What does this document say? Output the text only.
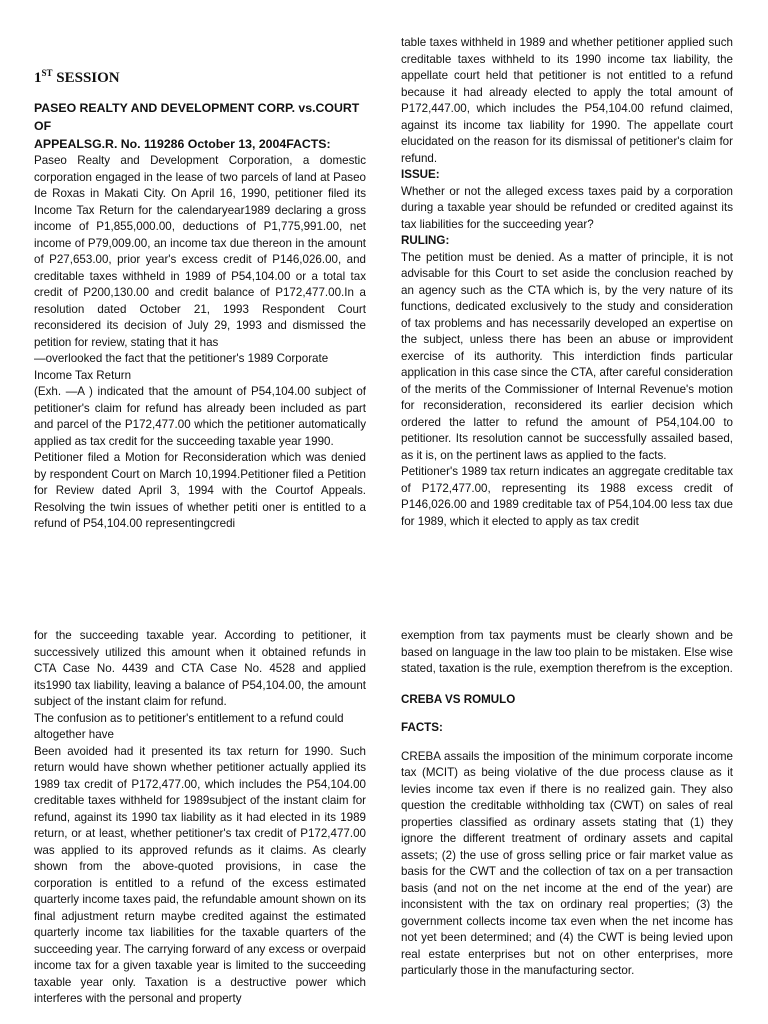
1ST SESSION

PASEO REALTY AND DEVELOPMENT CORP. vs.COURT OF

APPEALSG.R. No. 119286 October 13, 2004FACTS:

Paseo Realty and Development Corporation, a domestic corporation engaged in the lease of two parcels of land at Paseo de Roxas in Makati City. On April 16, 1990, petitioner filed its Income Tax Return for the calendaryear1989 declaring a gross income of P1,855,000.00, deductions of P1,775,991.00, net income of P79,009.00, an income tax due thereon in the amount of P27,653.00, prior year's excess credit of P146,026.00, and creditable taxes withheld in 1989 of P54,104.00 or a total tax credit of P200,130.00 and credit balance of P172,477.00.In a resolution dated October 21, 1993 Respondent Court reconsidered its decision of July 29, 1993 and dismissed the petition for review, stating that it has

—overlooked the fact that the petitioner's 1989 Corporate Income Tax Return

(Exh. —A ) indicated that the amount of P54,104.00 subject of petitioner's claim for refund has already been included as part and parcel of the P172,477.00 which the petitioner automatically applied as tax credit for the succeeding taxable year 1990.

Petitioner filed a Motion for Reconsideration which was denied by respondent Court on March 10,1994.Petitioner filed a Petition for Review dated April 3, 1994 with the Courtof Appeals. Resolving the twin issues of whether petiti oner is entitled to a refund of P54,104.00 representingcredi

table taxes withheld in 1989 and whether petitioner applied such creditable taxes withheld to its 1990 income tax liability, the appellate court held that petitioner is not entitled to a refund because it had already elected to apply the total amount of P172,447.00, which includes the P54,104.00 refund claimed, against its income tax liability for 1990. The appellate court elucidated on the reason for its dismissal of petitioner's claim for refund.

ISSUE:

Whether or not the alleged excess taxes paid by a corporation during a taxable year should be refunded or credited against its tax liabilities for the succeeding year?

RULING:

The petition must be denied. As a matter of principle, it is not advisable for this Court to set aside the conclusion reached by an agency such as the CTA which is, by the very nature of its functions, dedicated exclusively to the study and consideration of tax problems and has necessarily developed an expertise on the subject, unless there has been an abuse or improvident exercise of its authority. This interdiction finds particular application in this case since the CTA, after careful consideration of the merits of the Commissioner of Internal Revenue's motion for reconsideration, reconsidered its earlier decision which ordered the latter to refund the amount of P54,104.00 to petitioner. Its resolution cannot be successfully assailed based, as it is, on the pertinent laws as applied to the facts.

Petitioner's 1989 tax return indicates an aggregate creditable tax of P172,477.00, representing its 1988 excess credit of P146,026.00 and 1989 creditable tax of P54,104.00 less tax due for 1989, which it elected to apply as tax credit

for the succeeding taxable year. According to petitioner, it successively utilized this amount when it obtained refunds in CTA Case No. 4439 and CTA Case No. 4528 and applied its1990 tax liability, leaving a balance of P54,104.00, the amount subject of the instant claim for refund.

The confusion as to petitioner's entitlement to a refund could altogether have

Been avoided had it presented its tax return for 1990. Such return would have shown whether petitioner actually applied its 1989 tax credit of P172,477.00, which includes the P54,104.00 creditable taxes withheld for 1989subject of the instant claim for refund, against its 1990 tax liability as it had elected in its 1989 return, or at least, whether petitioner's tax credit of P172,477.00 was applied to its approved refunds as it claims. As clearly shown from the above-quoted provisions, in case the corporation is entitled to a refund of the excess estimated quarterly income taxes paid, the refundable amount shown on its final adjustment return maybe credited against the estimated quarterly income tax liabilities for the taxable quarters of the succeeding year. The carrying forward of any excess or overpaid income tax for a given taxable year is limited to the succeeding taxable year only. Taxation is a destructive power which interferes with the personal and property

exemption from tax payments must be clearly shown and be based on language in the law too plain to be mistaken. Else wise stated, taxation is the rule, exemption therefrom is the exception.

CREBA VS ROMULO

FACTS:

CREBA assails the imposition of the minimum corporate income tax (MCIT) as being violative of the due process clause as it levies income tax even if there is no realized gain. They also question the creditable withholding tax (CWT) on sales of real properties classified as ordinary assets stating that (1) they ignore the different treatment of ordinary assets and capital assets; (2) the use of gross selling price or fair market value as basis for the CWT and the collection of tax on a per transaction basis (and not on the net income at the end of the year) are inconsistent with the tax on ordinary real properties; (3) the government collects income tax even when the net income has not yet been determined; and (4) the CWT is being levied upon real estate enterprises but not on other enterprises, more particularly those in the manufacturing sector.
